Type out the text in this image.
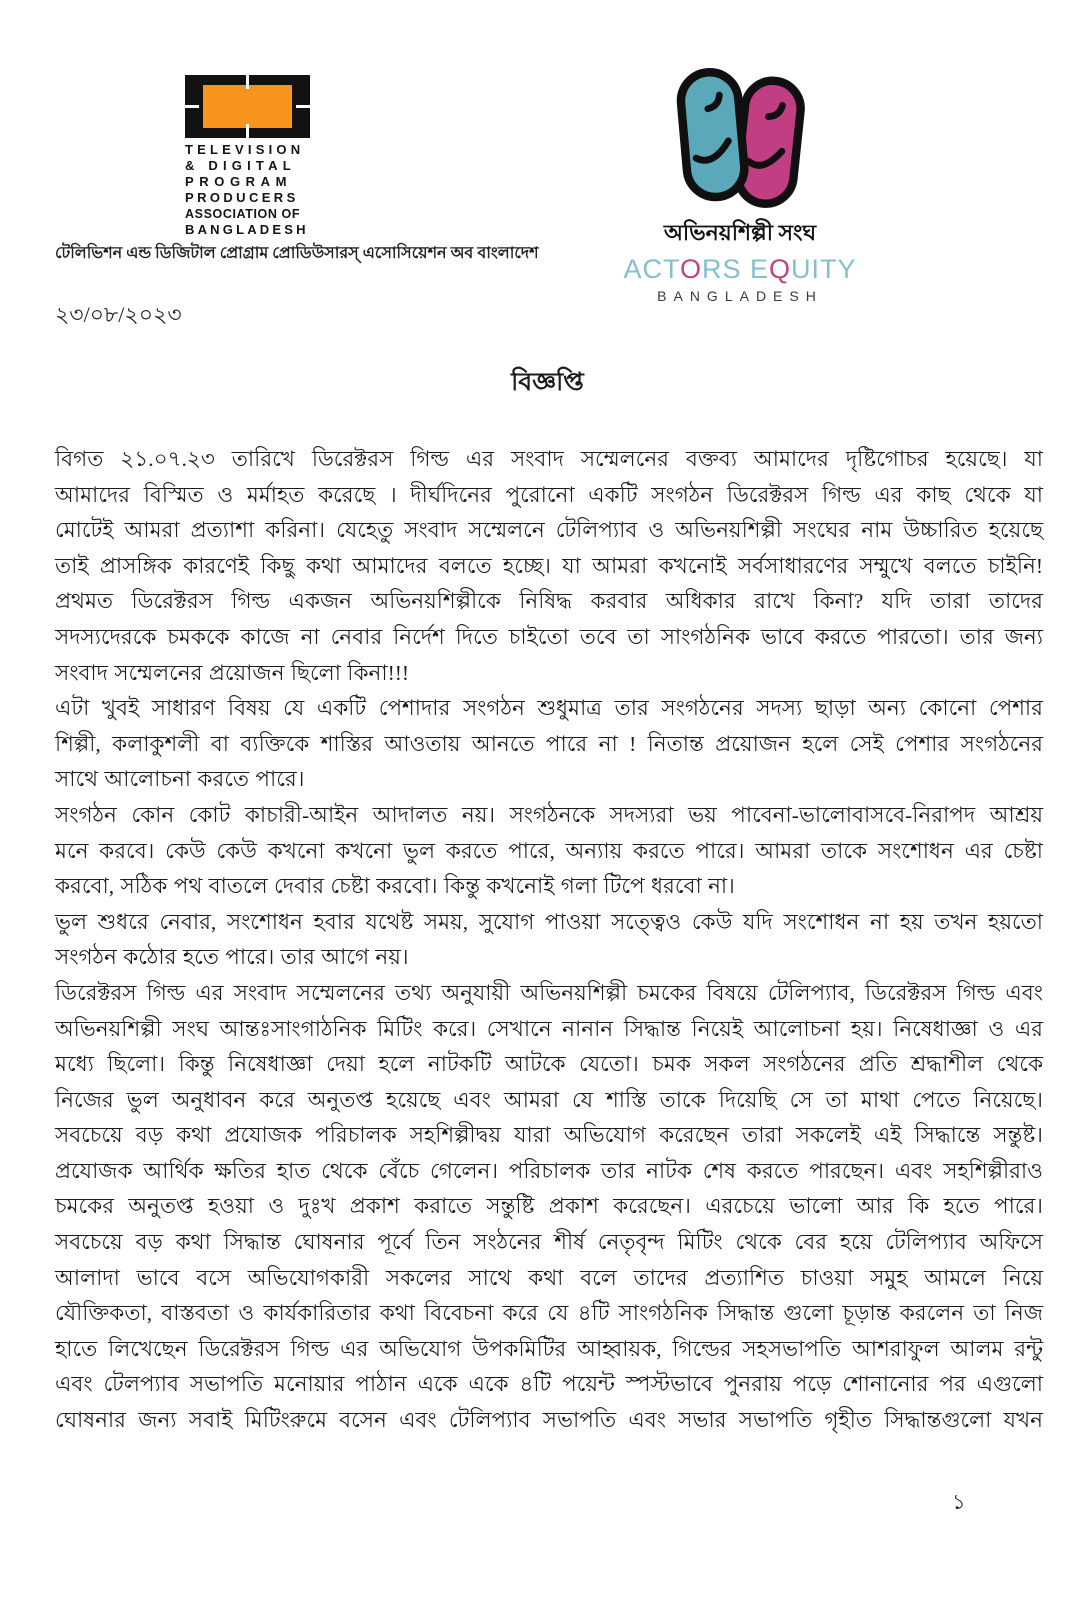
TELEVISION
& DIGITAL
PROGRAM
PRODUCERS
ASSOCIATION OF
BANGLADESH
টেলিভিশন এন্ড ডিজিটাল প্রোগ্রাম প্রোডিউসারস্ এসোসিয়েশন অব বাংলাদেশ
অভিনয়শিল্পী সংঘ
ACTORS EQUITY
BANGLADESH
২৩/০৮/২০২৩
বিজ্ঞপ্তি
বিগত ২১.০৭.২৩ তারিখে ডিরেক্টরস গিল্ড এর সংবাদ সম্মেলনের বক্তব্য আমাদের দৃষ্টিগোচর হয়েছে। যা
আমাদের বিস্মিত ও মর্মাহত করেছে । দীর্ঘদিনের পুরোনো একটি সংগঠন ডিরেক্টরস গিল্ড এর কাছ থেকে যা
মোটেই আমরা প্রত্যাশা করিনা। যেহেতু সংবাদ সম্মেলনে টেলিপ্যাব ও অভিনয়শিল্পী সংঘের নাম উচ্চারিত হয়েছে
তাই প্রাসঙ্গিক কারণেই কিছু কথা আমাদের বলতে হচ্ছে। যা আমরা কখনোই সর্বসাধারণের সম্মুখে বলতে চাইনি!
প্রথমত ডিরেক্টরস গিল্ড একজন অভিনয়শিল্পীকে নিষিদ্ধ করবার অধিকার রাখে কিনা? যদি তারা তাদের
সদস্যদেরকে চমককে কাজে না নেবার নির্দেশ দিতে চাইতো তবে তা সাংগঠনিক ভাবে করতে পারতো। তার জন্য
সংবাদ সম্মেলনের প্রয়োজন ছিলো কিনা!!!
এটা খুবই সাধারণ বিষয় যে একটি পেশাদার সংগঠন শুধুমাত্র তার সংগঠনের সদস্য ছাড়া অন্য কোনো পেশার
শিল্পী, কলাকুশলী বা ব্যক্তিকে শাস্তির আওতায় আনতে পারে না ! নিতান্ত প্রয়োজন হলে সেই পেশার সংগঠনের
সাথে আলোচনা করতে পারে।
সংগঠন কোন কোট কাচারী-আইন আদালত নয়। সংগঠনকে সদস্যরা ভয় পাবেনা-ভালোবাসবে-নিরাপদ আশ্রয়
মনে করবে। কেউ কেউ কখনো কখনো ভুল করতে পারে, অন্যায় করতে পারে। আমরা তাকে সংশোধন এর চেষ্টা
করবো, সঠিক পথ বাতলে দেবার চেষ্টা করবো। কিন্তু কখনোই গলা টিপে ধরবো না।
ভুল শুধরে নেবার, সংশোধন হবার যথেষ্ট সময়, সুযোগ পাওয়া সত্ত্বেও কেউ যদি সংশোধন না হয় তখন হয়তো
সংগঠন কঠোর হতে পারে। তার আগে নয়।
ডিরেক্টরস গিল্ড এর সংবাদ সম্মেলনের তথ্য অনুযায়ী অভিনয়শিল্পী চমকের বিষয়ে টেলিপ্যাব, ডিরেক্টরস গিল্ড এবং
অভিনয়শিল্পী সংঘ আন্তঃসাংগাঠনিক মিটিং করে। সেখানে নানান সিদ্ধান্ত নিয়েই আলোচনা হয়। নিষেধাজ্ঞা ও এর
মধ্যে ছিলো। কিন্তু নিষেধাজ্ঞা দেয়া হলে নাটকটি আটকে যেতো। চমক সকল সংগঠনের প্রতি শ্রদ্ধাশীল থেকে
নিজের ভুল অনুধাবন করে অনুতপ্ত হয়েছে এবং আমরা যে শাস্তি তাকে দিয়েছি সে তা মাথা পেতে নিয়েছে।
সবচেয়ে বড় কথা প্রযোজক পরিচালক সহশিল্পীদ্বয় যারা অভিযোগ করেছেন তারা সকলেই এই সিদ্ধান্তে সন্তুষ্ট।
প্রযোজক আর্থিক ক্ষতির হাত থেকে বেঁচে গেলেন। পরিচালক তার নাটক শেষ করতে পারছেন। এবং সহশিল্পীরাও
চমকের অনুতপ্ত হওয়া ও দুঃখ প্রকাশ করাতে সন্তুষ্টি প্রকাশ করেছেন। এরচেয়ে ভালো আর কি হতে পারে।
সবচেয়ে বড় কথা সিদ্ধান্ত ঘোষনার পূর্বে তিন সংঠনের শীর্ষ নেতৃবৃন্দ মিটিং থেকে বের হয়ে টেলিপ্যাব অফিসে
আলাদা ভাবে বসে অভিযোগকারী সকলের সাথে কথা বলে তাদের প্রত্যাশিত চাওয়া সমুহ আমলে নিয়ে
যৌক্তিকতা, বাস্তবতা ও কার্যকারিতার কথা বিবেচনা করে যে ৪টি সাংগঠনিক সিদ্ধান্ত গুলো চূড়ান্ত করলেন তা নিজ
হাতে লিখেছেন ডিরেক্টরস গিল্ড এর অভিযোগ উপকমিটির আহ্বায়ক, গিল্ডের সহসভাপতি আশরাফুল আলম রন্টু
এবং টেলপ্যাব সভাপতি মনোয়ার পাঠান একে একে ৪টি পয়েন্ট স্পস্টভাবে পুনরায় পড়ে শোনানোর পর এগুলো
ঘোষনার জন্য সবাই মিটিংরুমে বসেন এবং টেলিপ্যাব সভাপতি এবং সভার সভাপতি গৃহীত সিদ্ধান্তগুলো যখন
১
